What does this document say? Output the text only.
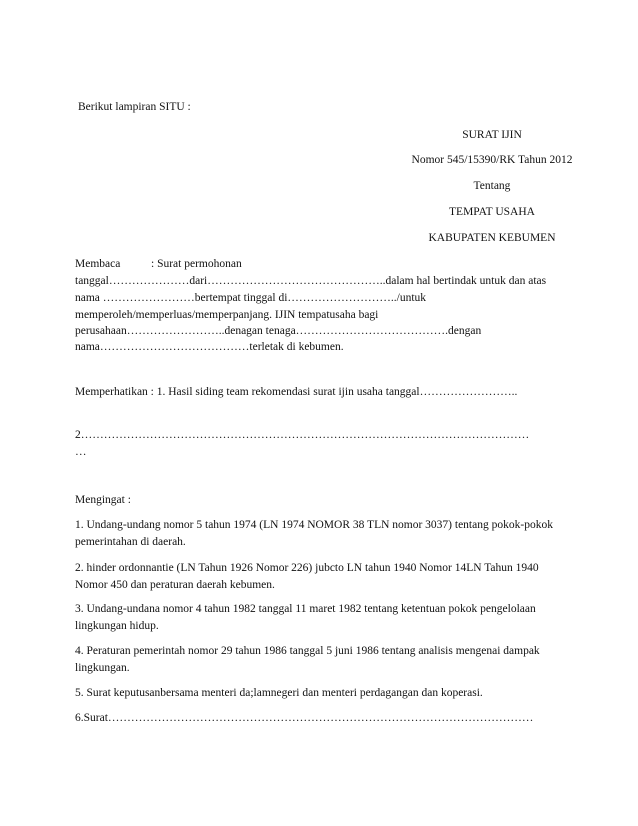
Berikut lampiran SITU :
SURAT IJIN
Nomor 545/15390/RK Tahun 2012
Tentang
TEMPAT USAHA
KABUPATEN KEBUMEN
Membaca	: Surat permohonan
tanggal…………………dari………………………………………..dalam hal bertindak untuk dan atas
nama ……………………bertempat tinggal di………………………../untuk
memperoleh/memperluas/memperpanjang. IJIN tempatusaha bagi
perusahaan……………………..denagan tenaga………………………………….dengan
nama…………………………………terletak di kebumen.
Memperhatikan : 1. Hasil siding team rekomendasi surat ijin usaha tanggal……………………..
2………………………………………………………………………………………………………
…
Mengingat :
1. Undang-undang nomor 5 tahun 1974 (LN 1974 NOMOR 38 TLN nomor 3037) tentang pokok-pokok
pemerintahan di daerah.
2. hinder ordonnantie (LN Tahun 1926 Nomor 226) jubcto LN tahun 1940 Nomor 14LN Tahun 1940
Nomor 450 dan peraturan daerah kebumen.
3. Undang-undana nomor 4 tahun 1982 tanggal 11 maret 1982 tentang ketentuan pokok pengelolaan
lingkungan hidup.
4. Peraturan pemerintah nomor 29 tahun 1986 tanggal 5 juni 1986 tentang analisis mengenai dampak
lingkungan.
5. Surat keputusanbersama menteri da;lamnegeri dan menteri perdagangan dan koperasi.
6.Surat…………………………………………………………………………………………………
